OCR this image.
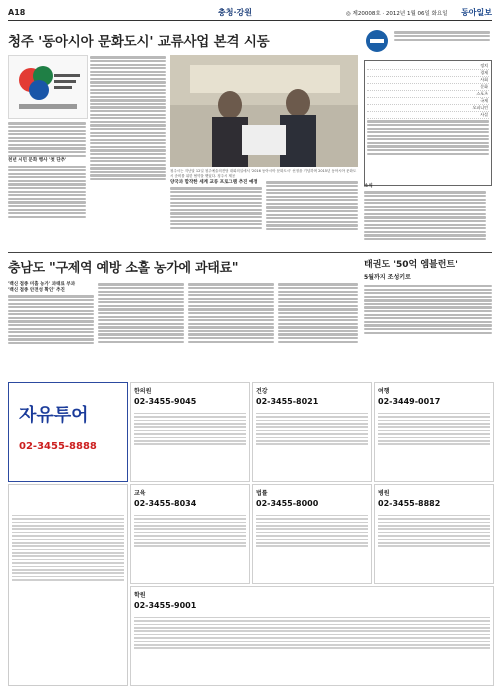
A18	충청·강원	◎ 제20008호 · 2012년 1월 06일 화요일 동아일보
청주 '동아시아 문화도시' 교류사업 본격 시동
천년 시민 문화 행사 '첫 단추'
청주시는 지난달 12일 청주예술의전당 대회의실에서 '2016 동아시아 문화도시' 선정을 기념하며 2015년 동아시아 문화도시 준비를 위한 협약을 맺었다. 청주시 제공
양국과 합작한 세계 교류 프로그램 추진 예정
정치
경제
사회
문화
스포츠
국제
오피니언
사설
소식
충남도 "구제역 예방 소홀 농가에 과태료"
'백신 접종 미흡 농가' 과태료 부과
'백신 접종 안전성 확인' 추진
태권도 '50억 엠블런트'
5월까지 조성키로
자유투어
02-3455-8888
한의원
02-3455-9045
건강
02-3455-8021
여행
02-3449-0017
교육
02-3455-8034
법률
02-3455-8000
병원
02-3455-8882
학원
02-3455-9001
